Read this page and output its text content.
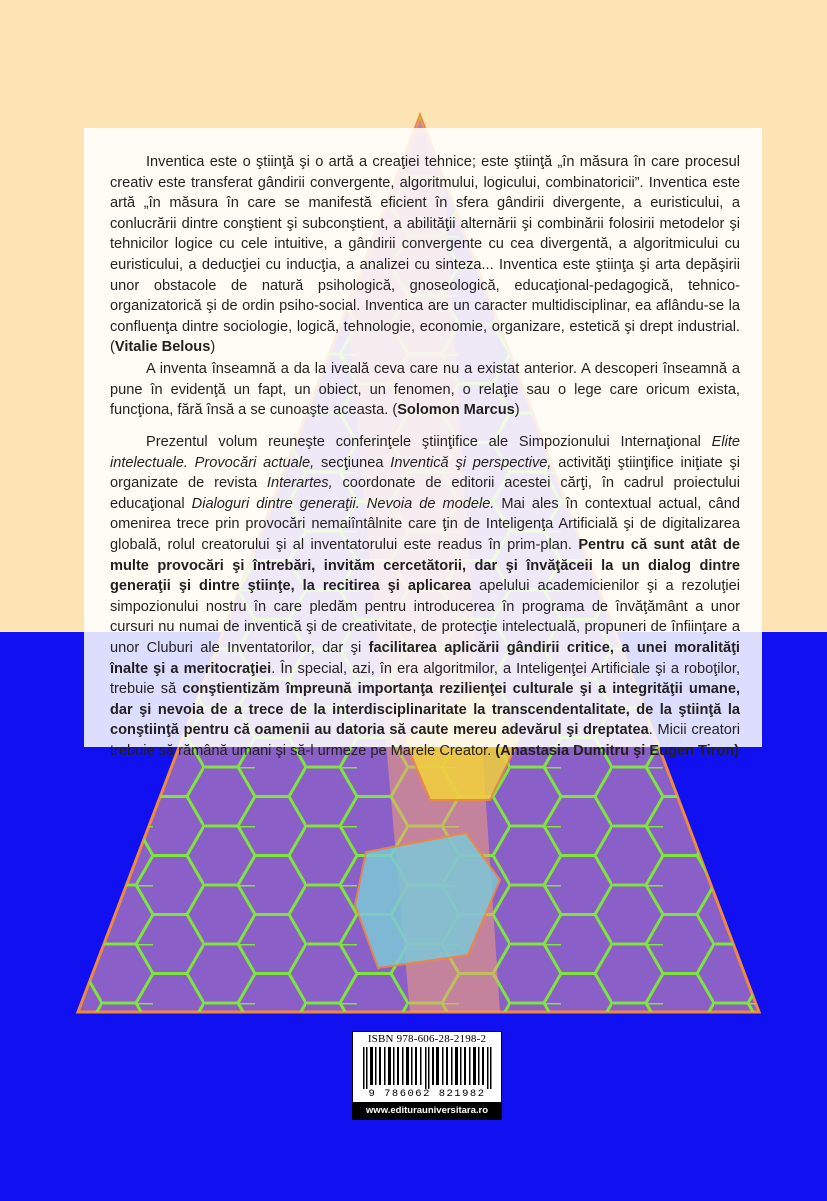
Inventica este o ştiinţă şi o artă a creaţiei tehnice; este ştiinţă „în măsura în care procesul creativ este transferat gândirii convergente, algoritmului, logicului, combinatoricii”. Inventica este artă „în măsura în care se manifestă eficient în sfera gândirii divergente, a euristicului, a conlucrării dintre conştient şi subconştient, a abilităţii alternării şi combinării folosirii metodelor şi tehnicilor logice cu cele intuitive, a gândirii convergente cu cea divergentă, a algoritmicului cu euristicului, a deducţiei cu inducţia, a analizei cu sinteza... Inventica este ştiinţa şi arta depăşirii unor obstacole de natură psihologică, gnoseologică, educaţional-pedagogică, tehnico-organizatorică şi de ordin psiho-social. Inventica are un caracter multidisciplinar, ea aflându-se la confluenţa dintre sociologie, logică, tehnologie, economie, organizare, estetică şi drept industrial. (Vitalie Belous)

A inventa înseamnă a da la iveală ceva care nu a existat anterior. A descoperi înseamnă a pune în evidenţă un fapt, un obiect, un fenomen, o relaţie sau o lege care oricum exista, funcţiona, fără însă a se cunoaşte aceasta. (Solomon Marcus)

Prezentul volum reuneşte conferinţele ştiinţifice ale Simpozionului Internaţional Elite intelectuale. Provocări actuale, secţiunea Inventică şi perspective, activităţi ştiinţifice iniţiate şi organizate de revista Interartes, coordonate de editorii acestei cărţi, în cadrul proiectului educaţional Dialoguri dintre generaţii. Nevoia de modele. Mai ales în contextual actual, când omenirea trece prin provocări nemaiîntâlnite care ţin de Inteligenţa Artificială şi de digitalizarea globală, rolul creatorului şi al inventatorului este readus în prim-plan. Pentru că sunt atât de multe provocări şi întrebări, invităm cercetătorii, dar şi învăţăceii la un dialog dintre generaţii şi dintre ştiinţe, la recitirea şi aplicarea apelului academicienilor şi a rezoluţiei simpozionului nostru în care pledăm pentru introducerea în programa de învăţământ a unor cursuri nu numai de inventică şi de creativitate, de protecţie intelectuală, propuneri de înfiinţare a unor Cluburi ale Inventatorilor, dar şi facilitarea aplicării gândirii critice, a unei moralităţi înalte şi a meritocraţiei. În special, azi, în era algoritmilor, a Inteligenţei Artificiale şi a roboţilor, trebuie să conştientizăm împreună importanţa rezilienţei culturale şi a integrităţii umane, dar şi nevoia de a trece de la interdisciplinaritate la transcendentalitate, de la ştiinţă la conştiinţă pentru că oamenii au datoria să caute mereu adevărul şi dreptatea. Micii creatori trebuie să rămână umani şi să-l urmeze pe Marele Creator. (Anastasia Dumitru şi Eugen Tiron)

ISBN 978-606-28-2198-2
9 786062 821982
www.editurauniversitara.ro
